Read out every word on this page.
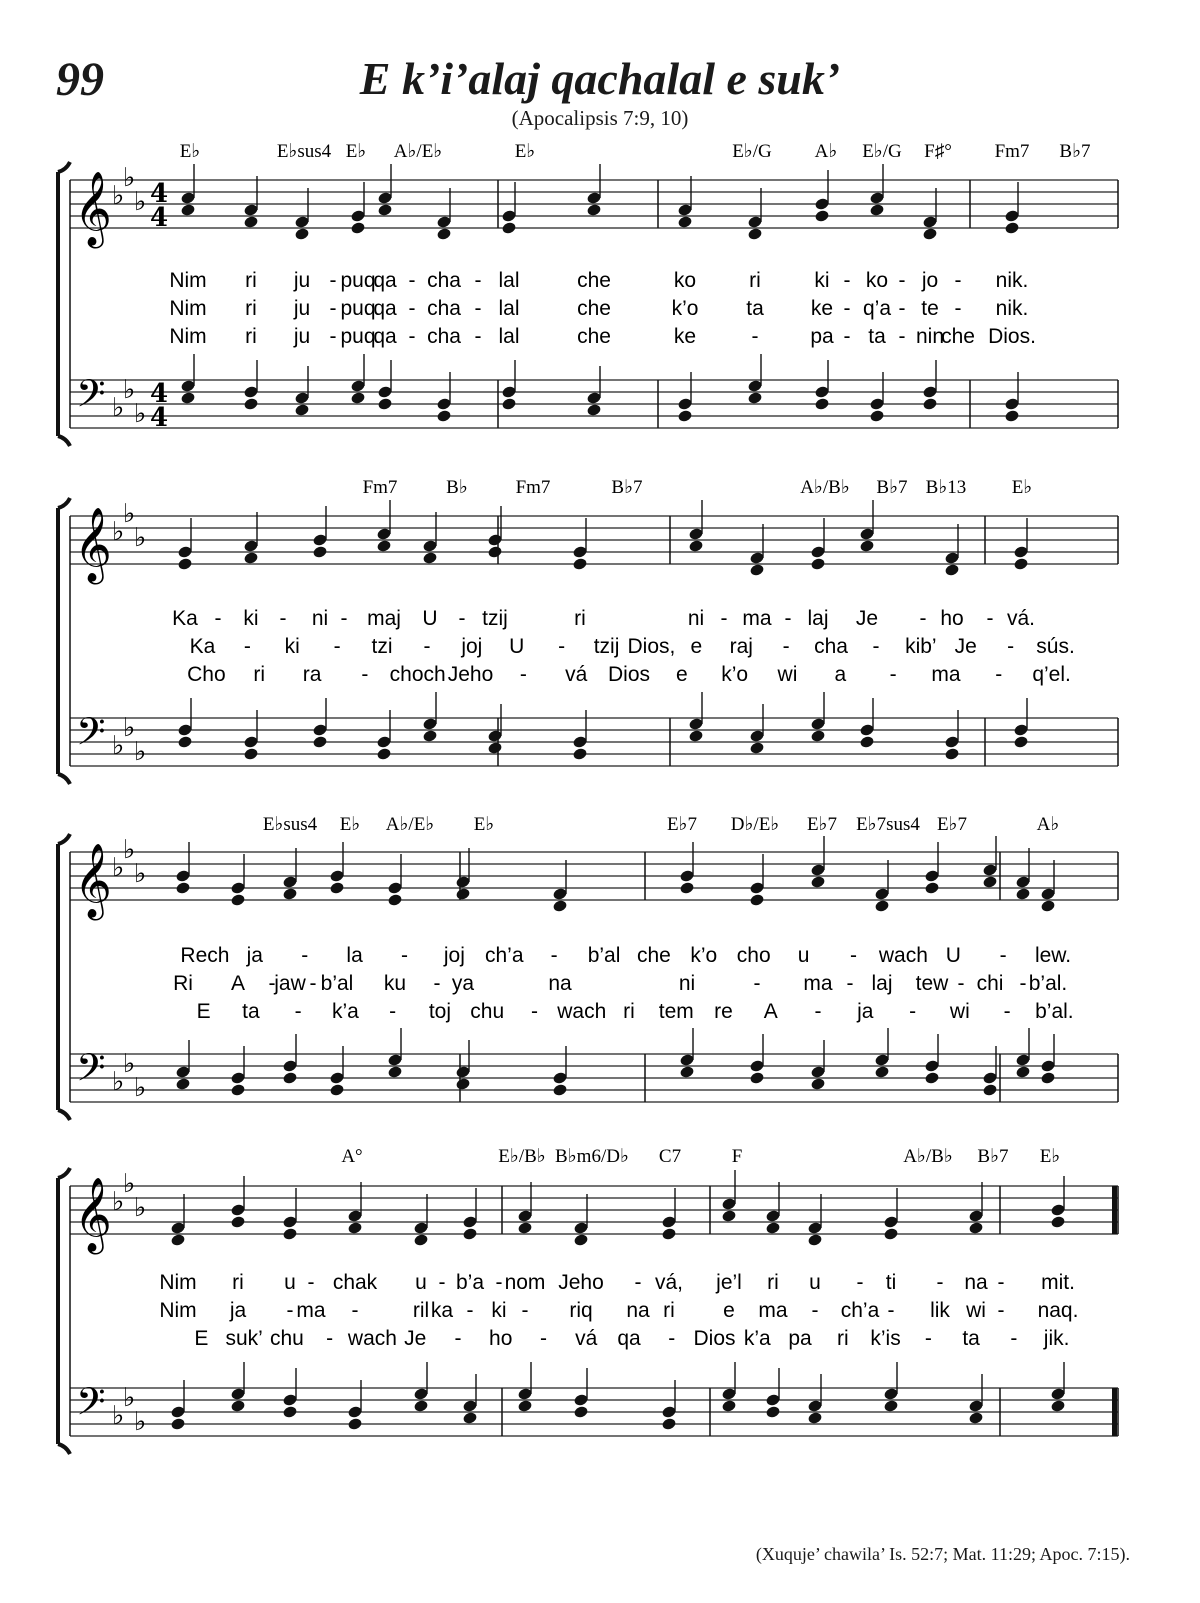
99	E k’i’alaj qachalal e suk’
(Apocalipsis 7:9, 10)
𝄞
𝄢
♭
♭
♭
♭
♭
♭
4
4
4
4
E♭	E♭sus4 E♭ A♭/E♭	E♭	E♭/G A♭ E♭/G F♯° Fm7 B♭7
Nim ri ju - puq
qa - cha - lal	che	ko	ri	ki - ko - jo - nik.
Nim ri ju - puq
qa - cha - lal	che	k’o ta ke - q’a - te - nik.
Nim ri ju - puq
qa - cha - lal	che	ke	- pa - ta - nin
che Dios.
𝄞
𝄢
♭
♭
♭
♭
♭
♭
Fm7	B♭	Fm7	B♭7	A♭/B♭ B♭7 B♭13 E♭
Ka - ki - ni - maj U - tzij	ri	ni - ma - laj Je - ho - vá.
Ka - ki - tzi - joj U - tzij Dios, e raj - cha - kib’ Je - sús.
Cho ri ra - choch Jeho - vá Dios e k’o wi a - ma - q’el.
𝄞
𝄢
♭
♭
♭
♭
♭
♭
E♭sus4 E♭ A♭/E♭ E♭	E♭7 D♭/E♭ E♭7 E♭7sus4 E♭7	A♭
Rech ja - la - joj ch’a - b’al che k’o cho u - wach U - lew.
Ri A -
jaw - b’al ku - ya	na	ni	- ma - laj tew - chi - b’al.
E ta - k’a - toj chu - wach ri tem re A - ja - wi - b’al.
𝄞
𝄢
♭
♭
♭
♭
♭
♭
A°	E♭/B♭ B♭m6/D♭ C7	F	A♭/B♭ B♭7 E♭
Nim ri u - chak u - b’a - nom Jeho - vá, je’l ri u - ti - na - mit.
Nim ja - ma -	ril ka - ki - riq na ri e ma - ch’a - lik wi - naq.
E suk’ chu - wach Je - ho - vá qa - Dios k’a pa ri k’is - ta - jik.
(Xuquje’ chawila’ Is. 52:7; Mat. 11:29; Apoc. 7:15).
